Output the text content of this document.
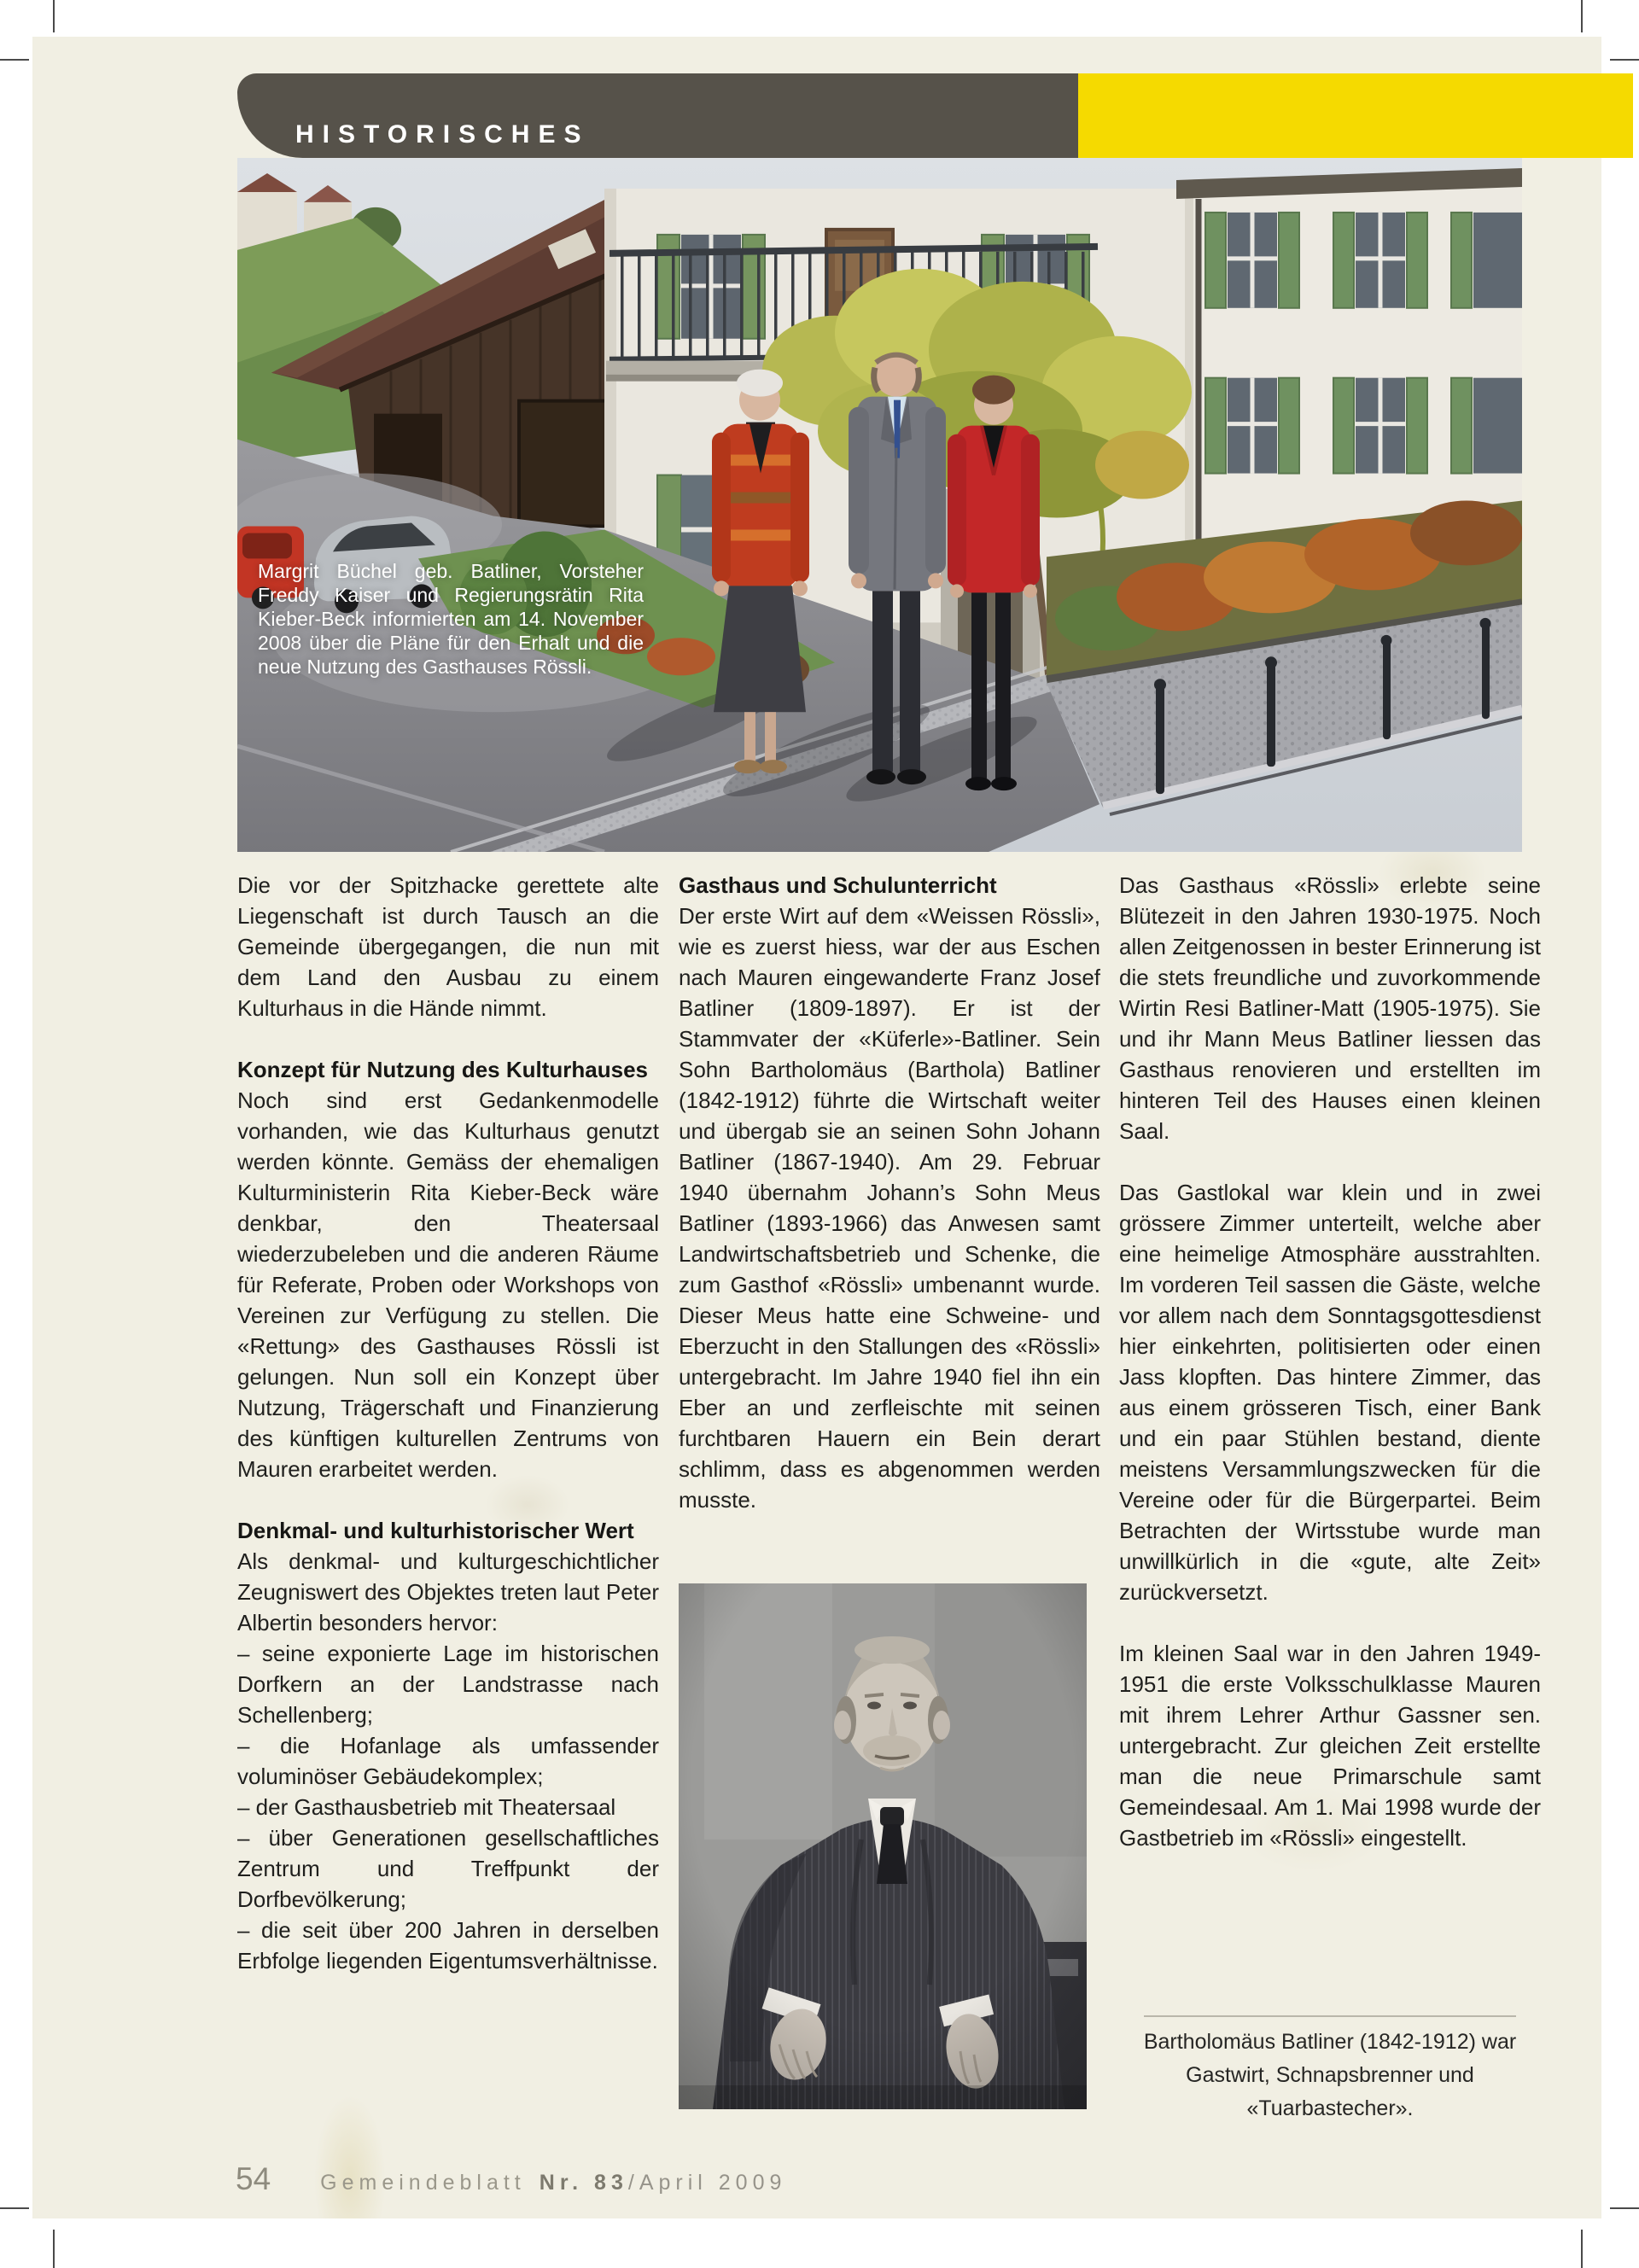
HISTORISCHES
Margrit Büchel geb. Batliner, Vorsteher Freddy Kaiser und Regierungsrätin Rita Kieber-Beck informierten am 14. November 2008 über die Pläne für den Erhalt und die neue Nutzung des Gasthauses Rössli.

Die vor der Spitzhacke gerettete alte Liegenschaft ist durch Tausch an die Gemeinde übergegangen, die nun mit dem Land den Ausbau zu einem Kulturhaus in die Hände nimmt.

Konzept für Nutzung des Kulturhauses

Noch sind erst Gedankenmodelle vorhanden, wie das Kulturhaus genutzt werden könnte. Gemäss der ehemaligen Kulturministerin Rita Kieber-Beck wäre denkbar, den Theatersaal wiederzubeleben und die anderen Räume für Referate, Proben oder Workshops von Vereinen zur Verfügung zu stellen. Die «Rettung» des Gasthauses Rössli ist gelungen. Nun soll ein Konzept über Nutzung, Trägerschaft und Finanzierung des künftigen kulturellen Zentrums von Mauren erarbeitet werden.

Denkmal- und kulturhistorischer Wert

Als denkmal- und kulturgeschichtlicher Zeugniswert des Objektes treten laut Peter Albertin besonders hervor:

– seine exponierte Lage im historischen Dorfkern an der Landstrasse nach Schellenberg;

– die Hofanlage als umfassender voluminöser Gebäudekomplex;

– der Gasthausbetrieb mit Theatersaal

– über Generationen gesellschaftliches Zentrum und Treffpunkt der Dorfbevölkerung;

– die seit über 200 Jahren in derselben Erbfolge liegenden Eigentumsverhältnisse.

Gasthaus und Schulunterricht

Der erste Wirt auf dem «Weissen Rössli», wie es zuerst hiess, war der aus Eschen nach Mauren eingewanderte Franz Josef Batliner (1809-1897). Er ist der Stammvater der «Küferle»-Batliner. Sein Sohn Bartholomäus (Barthola) Batliner (1842-1912) führte die Wirtschaft weiter und übergab sie an seinen Sohn Johann Batliner (1867-1940). Am 29. Februar 1940 übernahm Johann’s Sohn Meus Batliner (1893-1966) das Anwesen samt Landwirtschaftsbetrieb und Schenke, die zum Gasthof «Rössli» umbenannt wurde. Dieser Meus hatte eine Schweine- und Eberzucht in den Stallungen des «Rössli» untergebracht. Im Jahre 1940 fiel ihn ein Eber an und zerfleischte mit seinen furchtbaren Hauern ein Bein derart schlimm, dass es abgenommen werden musste.

Das Gasthaus «Rössli» erlebte seine Blütezeit in den Jahren 1930-1975. Noch allen Zeitgenossen in bester Erinnerung ist die stets freundliche und zuvorkommende Wirtin Resi Batliner-Matt (1905-1975). Sie und ihr Mann Meus Batliner liessen das Gasthaus renovieren und erstellten im hinteren Teil des Hauses einen kleinen Saal.

Das Gastlokal war klein und in zwei grössere Zimmer unterteilt, welche aber eine heimelige Atmosphäre ausstrahlten. Im vorderen Teil sassen die Gäste, welche vor allem nach dem Sonntagsgottesdienst hier einkehrten, politisierten oder einen Jass klopften. Das hintere Zimmer, das aus einem grösseren Tisch, einer Bank und ein paar Stühlen bestand, diente meistens Versammlungszwecken für die Vereine oder für die Bürgerpartei. Beim Betrachten der Wirtsstube wurde man unwillkürlich in die «gute, alte Zeit» zurückversetzt.

Im kleinen Saal war in den Jahren 1949-1951 die erste Volksschulklasse Mauren mit ihrem Lehrer Arthur Gassner sen. untergebracht. Zur gleichen Zeit erstellte man die neue Primarschule samt Gemeindesaal. Am 1. Mai 1998 wurde der Gastbetrieb im «Rössli» eingestellt.

Bartholomäus Batliner (1842-1912) war Gastwirt, Schnapsbrenner und «Tuarbastecher».

54 Gemeindeblatt Nr. 83 /April 2009
